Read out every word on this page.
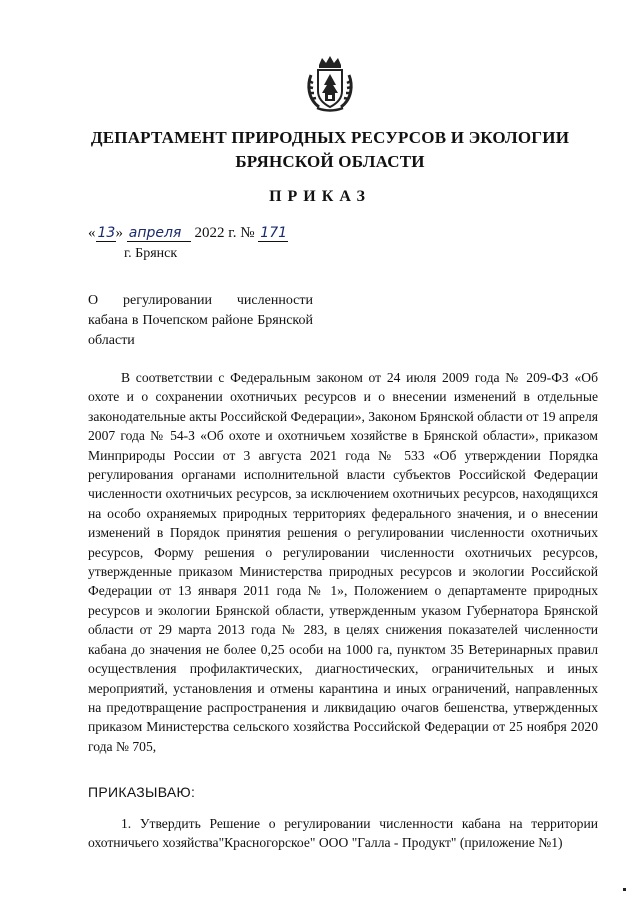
ДЕПАРТАМЕНТ ПРИРОДНЫХ РЕСУРСОВ И ЭКОЛОГИИ БРЯНСКОЙ ОБЛАСТИ
ПРИКАЗ
« 13» апреля 2022 г. № 171
г. Брянск
О регулировании численности кабана в Почепском районе Брянской области
В соответствии с Федеральным законом от 24 июля 2009 года № 209-ФЗ «Об охоте и о сохранении охотничьих ресурсов и о внесении изменений в отдельные законодательные акты Российской Федерации», Законом Брянской области от 19 апреля 2007 года № 54-З «Об охоте и охотничьем хозяйстве в Брянской области», приказом Минприроды России от 3 августа 2021 года № 533 «Об утверждении Порядка регулирования органами исполнительной власти субъектов Российской Федерации численности охотничьих ресурсов, за исключением охотничьих ресурсов, находящихся на особо охраняемых природных территориях федерального значения, и о внесении изменений в Порядок принятия решения о регулировании численности охотничьих ресурсов, Форму решения о регулировании численности охотничьих ресурсов, утвержденные приказом Министерства природных ресурсов и экологии Российской Федерации от 13 января 2011 года № 1», Положением о департаменте природных ресурсов и экологии Брянской области, утвержденным указом Губернатора Брянской области от 29 марта 2013 года № 283, в целях снижения показателей численности кабана до значения не более 0,25 особи на 1000 га, пунктом 35 Ветеринарных правил осуществления профилактических, диагностических, ограничительных и иных мероприятий, установления и отмены карантина и иных ограничений, направленных на предотвращение распространения и ликвидацию очагов бешенства, утвержденных приказом Министерства сельского хозяйства Российской Федерации от 25 ноября 2020 года № 705,
ПРИКАЗЫВАЮ:
1. Утвердить Решение о регулировании численности кабана на территории охотничьего хозяйства"Красногорское" ООО "Галла - Продукт" (приложение №1)
